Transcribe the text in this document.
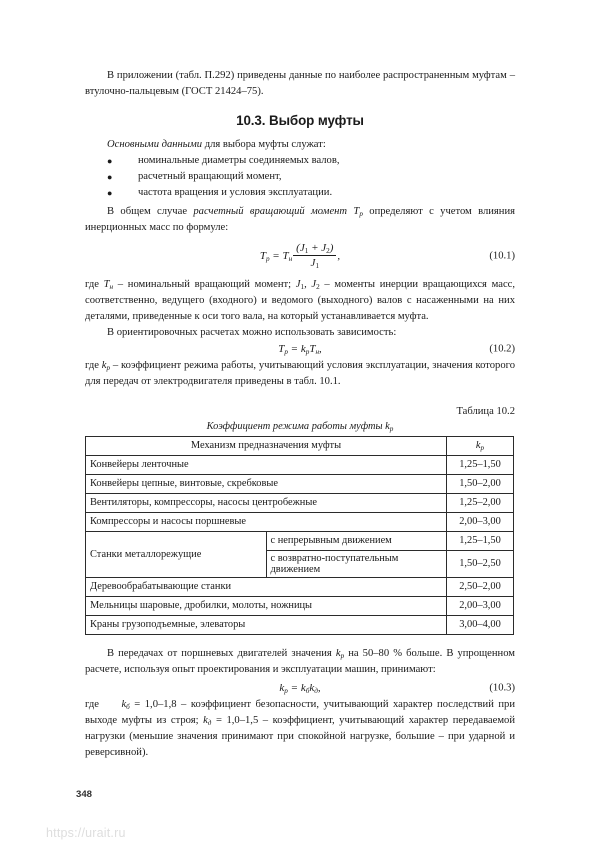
В приложении (табл. П.292) приведены данные по наиболее распространенным муфтам – втулочно-пальцевым (ГОСТ 21424–75).

10.3. Выбор муфты

Основными данными для выбора муфты служат:

● номинальные диаметры соединяемых валов,
● расчетный вращающий момент,
● частота вращения и условия эксплуатации.

В общем случае расчетный вращающий момент $T_р$ определяют с учетом влияния инерционных масс по формуле:

$T_р = T_н \frac{(J_1 + J_2)}{J_1}$ ,	(10.1)

где $T_н$ – номинальный вращающий момент; $J_1$, $J_2$ – моменты инерции вращающихся масс, соответственно, ведущего (входного) и ведомого (выходного) валов с насаженными на них деталями, приведенные к оси того вала, на который устанавливается муфта.

В ориентировочных расчетах можно использовать зависимость:

$T_р = k_рT_н$,	(10.2)

где $k_р$ – коэффициент режима работы, учитывающий условия эксплуатации, значения которого для передач от электродвигателя приведены в табл. 10.1.

Таблица 10.2
Коэффициент режима работы муфты $k_р$
Механизм предназначения муфты		$k_р$
Конвейеры ленточные		1,25–1,50
Конвейеры цепные, винтовые, скребковые		1,50–2,00
Вентиляторы, компрессоры, насосы центробежные		1,25–2,00
Компрессоры и насосы поршневые		2,00–3,00
Станки металлорежущие	с непрерывным движением	1,25–1,50
	с возвратно-поступательным движением	1,50–2,50
Деревообрабатывающие станки		2,50–2,00
Мельницы шаровые, дробилки, молоты, ножницы		2,00–3,00
Краны грузоподъемные, элеваторы		3,00–4,00

В передачах от поршневых двигателей значения $k_р$ на 50–80 % больше. В упрощенном расчете, используя опыт проектирования и эксплуатации машин, принимают:

$k_р = k_бk_д$,	(10.3)

где     $k_б = 1,0-1,8$ – коэффициент безопасности, учитывающий характер последствий при выходе муфты из строя; $k_д = 1,0-1,5$ – коэффициент, учитывающий характер передаваемой нагрузки (меньшие значения принимают при спокойной нагрузке, большие – при ударной и реверсивной).

348
https://urait.ru
